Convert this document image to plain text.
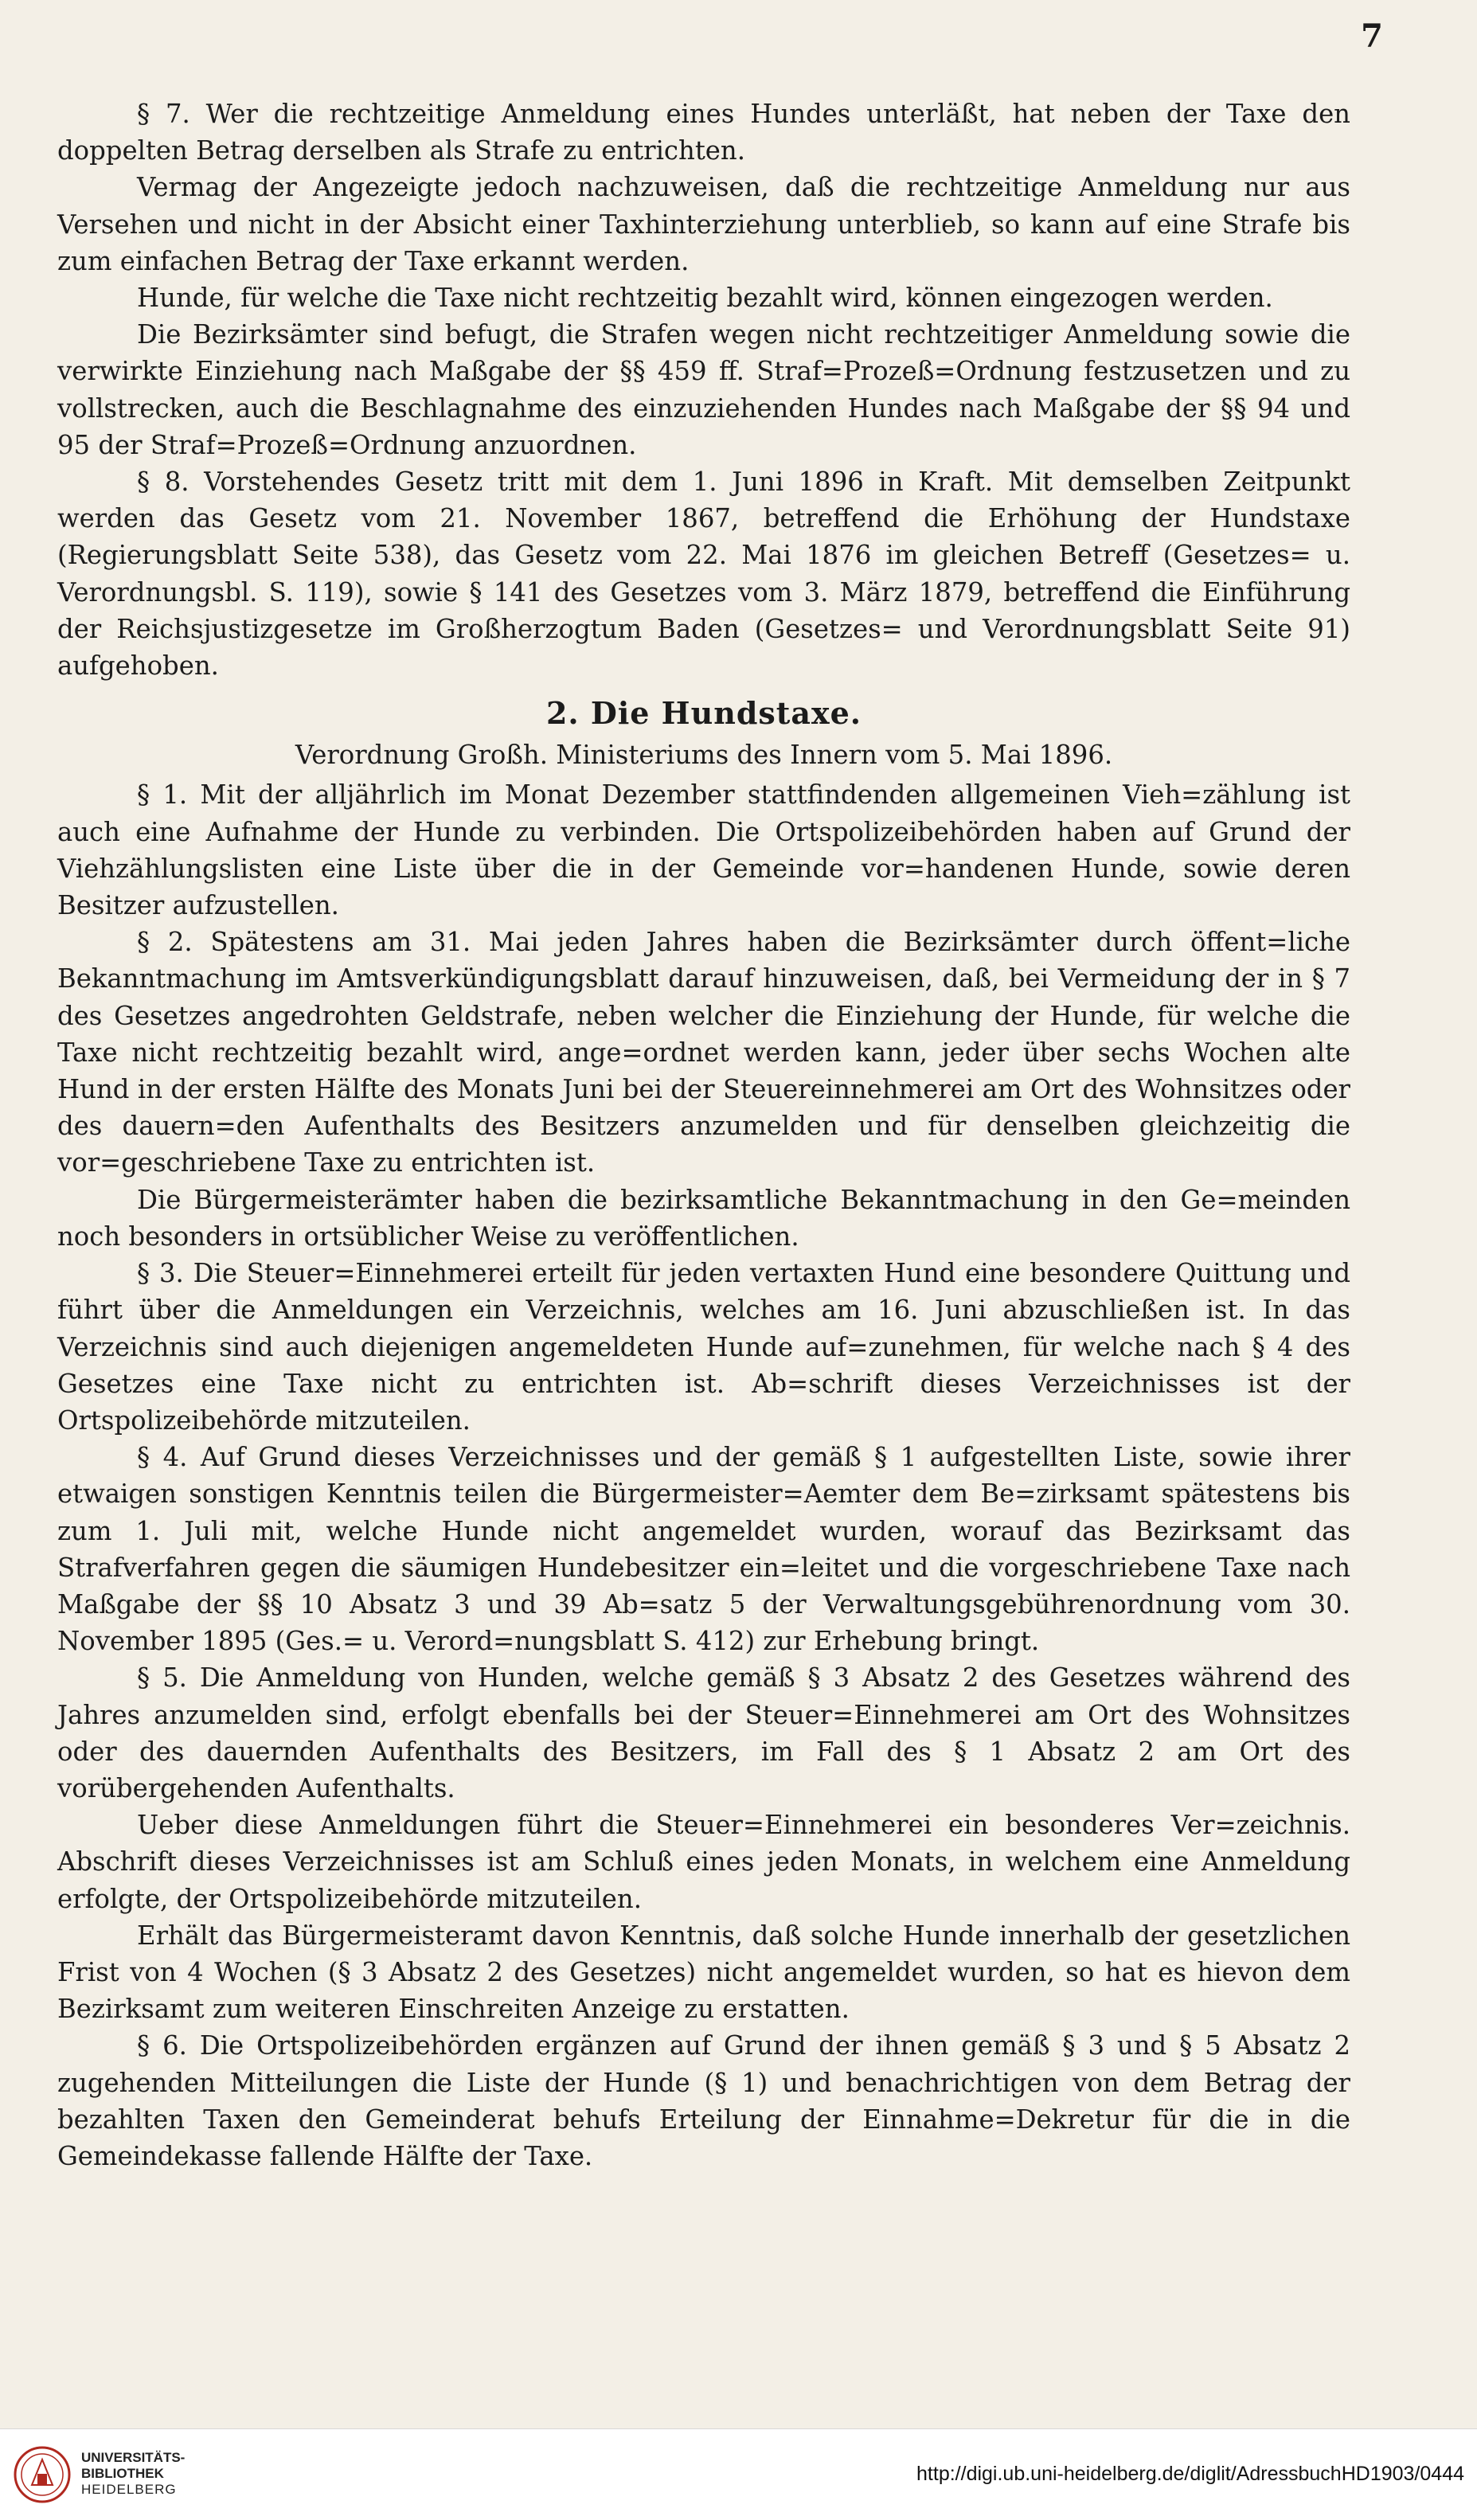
7

§ 7. Wer die rechtzeitige Anmeldung eines Hundes unterläßt, hat neben der Taxe den doppelten Betrag derselben als Strafe zu entrichten.

Vermag der Angezeigte jedoch nachzuweisen, daß die rechtzeitige Anmeldung nur aus Versehen und nicht in der Absicht einer Taxhinterziehung unterblieb, so kann auf eine Strafe bis zum einfachen Betrag der Taxe erkannt werden.

Hunde, für welche die Taxe nicht rechtzeitig bezahlt wird, können eingezogen werden.

Die Bezirksämter sind befugt, die Strafen wegen nicht rechtzeitiger Anmeldung sowie die verwirkte Einziehung nach Maßgabe der §§ 459 ff. Straf=Prozeß=Ordnung festzusetzen und zu vollstrecken, auch die Beschlagnahme des einzuziehenden Hundes nach Maßgabe der §§ 94 und 95 der Straf=Prozeß=Ordnung anzuordnen.

§ 8. Vorstehendes Gesetz tritt mit dem 1. Juni 1896 in Kraft. Mit demselben Zeitpunkt werden das Gesetz vom 21. November 1867, betreffend die Erhöhung der Hundstaxe (Regierungsblatt Seite 538), das Gesetz vom 22. Mai 1876 im gleichen Betreff (Gesetzes= u. Verordnungsbl. S. 119), sowie § 141 des Gesetzes vom 3. März 1879, betreffend die Einführung der Reichsjustizgesetze im Großherzogtum Baden (Gesetzes= und Verordnungsblatt Seite 91) aufgehoben.

2. Die Hundstaxe.

Verordnung Großh. Ministeriums des Innern vom 5. Mai 1896.

§ 1. Mit der alljährlich im Monat Dezember stattfindenden allgemeinen Vieh=zählung ist auch eine Aufnahme der Hunde zu verbinden. Die Ortspolizeibehörden haben auf Grund der Viehzählungslisten eine Liste über die in der Gemeinde vor=handenen Hunde, sowie deren Besitzer aufzustellen.

§ 2. Spätestens am 31. Mai jeden Jahres haben die Bezirksämter durch öffent=liche Bekanntmachung im Amtsverkündigungsblatt darauf hinzuweisen, daß, bei Vermeidung der in § 7 des Gesetzes angedrohten Geldstrafe, neben welcher die Einziehung der Hunde, für welche die Taxe nicht rechtzeitig bezahlt wird, ange=ordnet werden kann, jeder über sechs Wochen alte Hund in der ersten Hälfte des Monats Juni bei der Steuereinnehmerei am Ort des Wohnsitzes oder des dauern=den Aufenthalts des Besitzers anzumelden und für denselben gleichzeitig die vor=geschriebene Taxe zu entrichten ist.

Die Bürgermeisterämter haben die bezirksamtliche Bekanntmachung in den Ge=meinden noch besonders in ortsüblicher Weise zu veröffentlichen.

§ 3. Die Steuer=Einnehmerei erteilt für jeden vertaxten Hund eine besondere Quittung und führt über die Anmeldungen ein Verzeichnis, welches am 16. Juni abzuschließen ist. In das Verzeichnis sind auch diejenigen angemeldeten Hunde auf=zunehmen, für welche nach § 4 des Gesetzes eine Taxe nicht zu entrichten ist. Ab=schrift dieses Verzeichnisses ist der Ortspolizeibehörde mitzuteilen.

§ 4. Auf Grund dieses Verzeichnisses und der gemäß § 1 aufgestellten Liste, sowie ihrer etwaigen sonstigen Kenntnis teilen die Bürgermeister=Aemter dem Be=zirksamt spätestens bis zum 1. Juli mit, welche Hunde nicht angemeldet wurden, worauf das Bezirksamt das Strafverfahren gegen die säumigen Hundebesitzer ein=leitet und die vorgeschriebene Taxe nach Maßgabe der §§ 10 Absatz 3 und 39 Ab=satz 5 der Verwaltungsgebührenordnung vom 30. November 1895 (Ges.= u. Verord=nungsblatt S. 412) zur Erhebung bringt.

§ 5. Die Anmeldung von Hunden, welche gemäß § 3 Absatz 2 des Gesetzes während des Jahres anzumelden sind, erfolgt ebenfalls bei der Steuer=Einnehmerei am Ort des Wohnsitzes oder des dauernden Aufenthalts des Besitzers, im Fall des § 1 Absatz 2 am Ort des vorübergehenden Aufenthalts.

Ueber diese Anmeldungen führt die Steuer=Einnehmerei ein besonderes Ver=zeichnis. Abschrift dieses Verzeichnisses ist am Schluß eines jeden Monats, in welchem eine Anmeldung erfolgte, der Ortspolizeibehörde mitzuteilen.

Erhält das Bürgermeisteramt davon Kenntnis, daß solche Hunde innerhalb der gesetzlichen Frist von 4 Wochen (§ 3 Absatz 2 des Gesetzes) nicht angemeldet wurden, so hat es hievon dem Bezirksamt zum weiteren Einschreiten Anzeige zu erstatten.

§ 6. Die Ortspolizeibehörden ergänzen auf Grund der ihnen gemäß § 3 und § 5 Absatz 2 zugehenden Mitteilungen die Liste der Hunde (§ 1) und benachrichtigen von dem Betrag der bezahlten Taxen den Gemeinderat behufs Erteilung der Einnahme=Dekretur für die in die Gemeindekasse fallende Hälfte der Taxe.

UNIVERSITÄTS-
BIBLIOTHEK
HEIDELBERG
http://digi.ub.uni-heidelberg.de/diglit/AdressbuchHD1903/0444
